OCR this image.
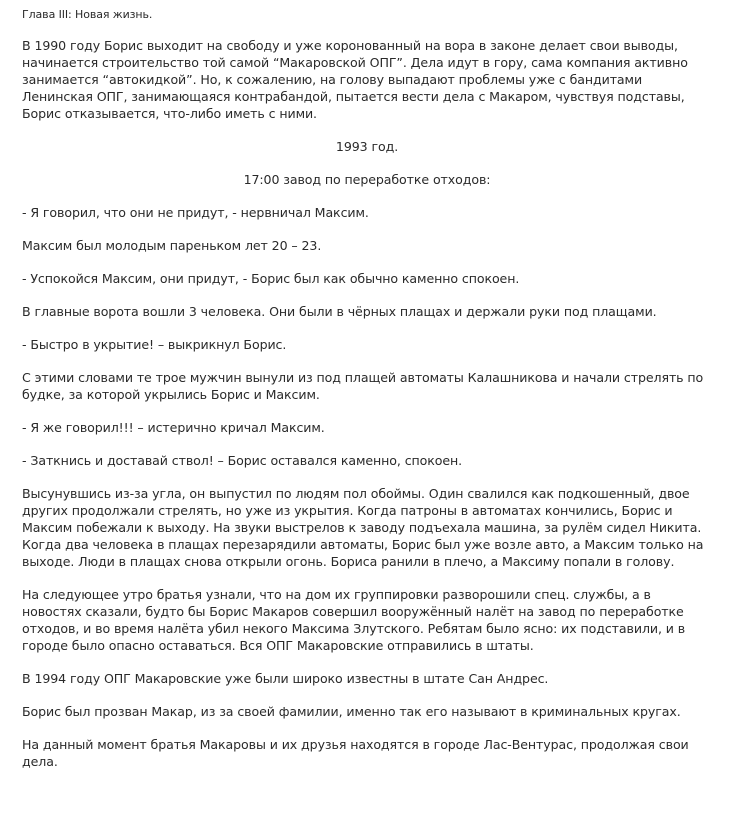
Глава III: Новая жизнь.

В 1990 году Борис выходит на свободу и уже коронованный на вора в законе делает свои выводы, начинается строительство той самой “Макаровской ОПГ”. Дела идут в гору, сама компания активно занимается “автокидкой”. Но, к сожалению, на голову выпадают проблемы уже с бандитами Ленинская ОПГ, занимающаяся контрабандой, пытается вести дела с Макаром, чувствуя подставы, Борис отказывается, что-либо иметь с ними.

1993 год.

17:00 завод по переработке отходов:

- Я говорил, что они не придут, - нервничал Максим.

Максим был молодым пареньком лет 20 – 23.

- Успокойся Максим, они придут, - Борис был как обычно каменно спокоен.

В главные ворота вошли 3 человека. Они были в чёрных плащах и держали руки под плащами.

- Быстро в укрытие! – выкрикнул Борис.

С этими словами те трое мужчин вынули из под плащей автоматы Калашникова и начали стрелять по будке, за которой укрылись Борис и Максим.

- Я же говорил!!! – истерично кричал Максим.

- Заткнись и доставай ствол! – Борис оставался каменно, спокоен.

Высунувшись из-за угла, он выпустил по людям пол обоймы. Один свалился как подкошенный, двое других продолжали стрелять, но уже из укрытия. Когда патроны в автоматах кончились, Борис и Максим побежали к выходу. На звуки выстрелов к заводу подъехала машина, за рулём сидел Никита. Когда два человека в плащах перезарядили автоматы, Борис был уже возле авто, а Максим только на выходе. Люди в плащах снова открыли огонь. Бориса ранили в плечо, а Максиму попали в голову.

На следующее утро братья узнали, что на дом их группировки разворошили спец. службы, а в новостях сказали, будто бы Борис Макаров совершил вооружённый налёт на завод по переработке отходов, и во время налёта убил некого Максима Злутского. Ребятам было ясно: их подставили, и в городе было опасно оставаться. Вся ОПГ Макаровские отправились в штаты.

В 1994 году ОПГ Макаровские уже были широко известны в штате Сан Андрес.

Борис был прозван Макар, из за своей фамилии, именно так его называют в криминальных кругах.

На данный момент братья Макаровы и их друзья находятся в городе Лас-Вентурас, продолжая свои дела.
